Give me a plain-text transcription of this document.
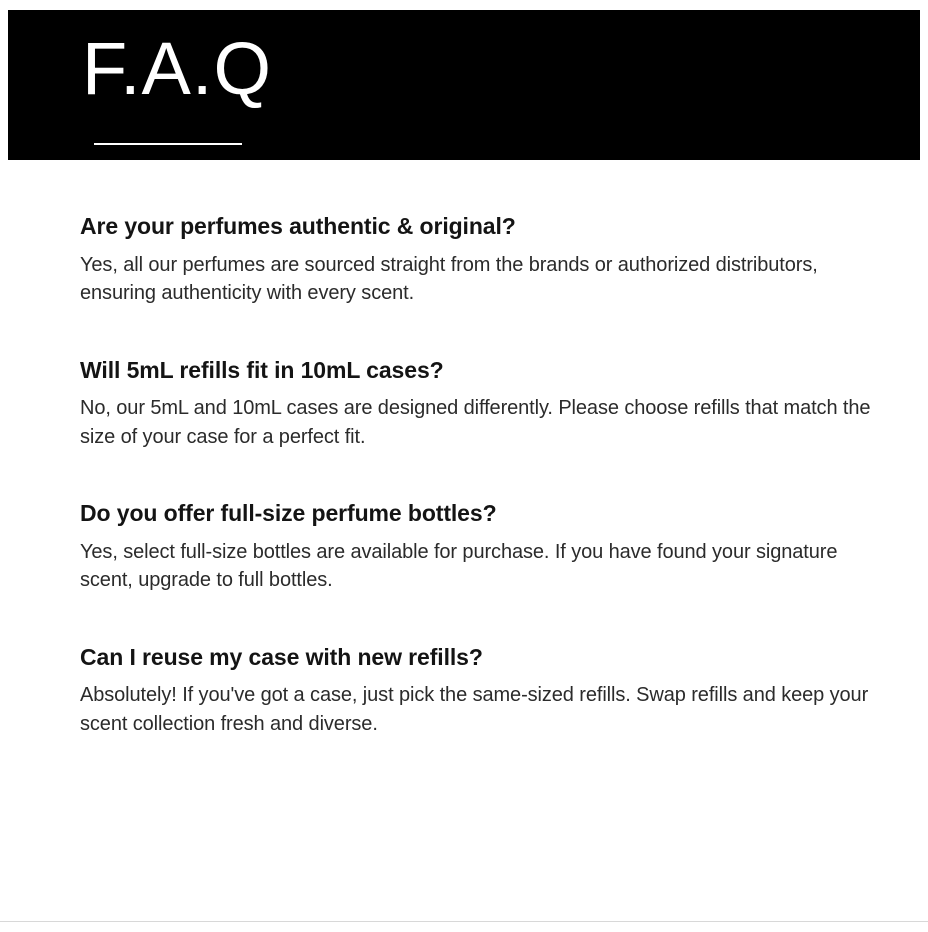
F.A.Q

Are your perfumes authentic & original?

Yes, all our perfumes are sourced straight from the brands or authorized distributors, ensuring authenticity with every scent.

Will 5mL refills fit in 10mL cases?

No, our 5mL and 10mL cases are designed differently. Please choose refills that match the size of your case for a perfect fit.

Do you offer full-size perfume bottles?

Yes, select full-size bottles are available for purchase. If you have found your signature scent, upgrade to full bottles.

Can I reuse my case with new refills?

Absolutely! If you've got a case, just pick the same-sized refills. Swap refills and keep your scent collection fresh and diverse.
